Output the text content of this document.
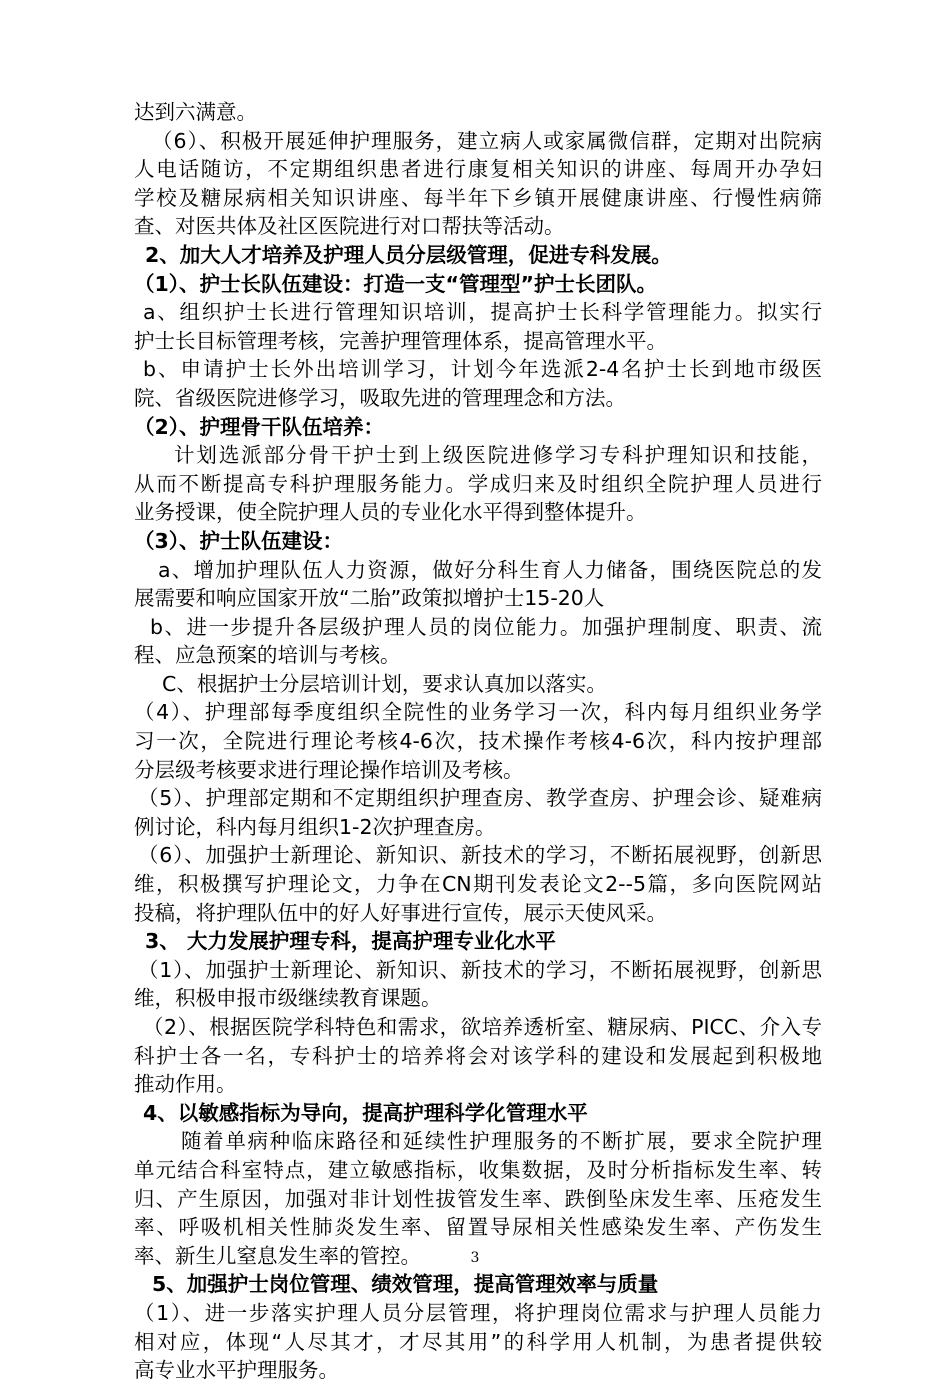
达到六满意。
（6）、积极开展延伸护理服务，建立病人或家属微信群，定期对出院病
人电话随访，不定期组织患者进行康复相关知识的讲座、每周开办孕妇
学校及糖尿病相关知识讲座、每半年下乡镇开展健康讲座、行慢性病筛
查、对医共体及社区医院进行对口帮扶等活动。
2、加大人才培养及护理人员分层级管理，促进专科发展。
（1）、护士长队伍建设：打造一支“管理型”护士长团队。
a、组织护士长进行管理知识培训，提高护士长科学管理能力。拟实行
护士长目标管理考核，完善护理管理体系，提高管理水平。
b、申请护士长外出培训学习，计划今年选派2-4名护士长到地市级医
院、省级医院进修学习，吸取先进的管理理念和方法。
（2）、护理骨干队伍培养：
计划选派部分骨干护士到上级医院进修学习专科护理知识和技能，
从而不断提高专科护理服务能力。学成归来及时组织全院护理人员进行
业务授课，使全院护理人员的专业化水平得到整体提升。
（3）、护士队伍建设：
a、增加护理队伍人力资源，做好分科生育人力储备，围绕医院总的发
展需要和响应国家开放“二胎”政策拟增护士15-20人
b、进一步提升各层级护理人员的岗位能力。加强护理制度、职责、流
程、应急预案的培训与考核。
C、根据护士分层培训计划，要求认真加以落实。
（4）、护理部每季度组织全院性的业务学习一次，科内每月组织业务学
习一次，全院进行理论考核4-6次，技术操作考核4-6次，科内按护理部
分层级考核要求进行理论操作培训及考核。
（5）、护理部定期和不定期组织护理查房、教学查房、护理会诊、疑难病
例讨论，科内每月组织1-2次护理查房。
（6）、加强护士新理论、新知识、新技术的学习，不断拓展视野，创新思
维，积极撰写护理论文，力争在CN期刊发表论文2--5篇，多向医院网站
投稿，将护理队伍中的好人好事进行宣传，展示天使风采。
3、 大力发展护理专科，提高护理专业化水平
（1）、加强护士新理论、新知识、新技术的学习，不断拓展视野，创新思
维，积极申报市级继续教育课题。
（2）、根据医院学科特色和需求，欲培养透析室、糖尿病、PICC、介入专
科护士各一名，专科护士的培养将会对该学科的建设和发展起到积极地
推动作用。
4、以敏感指标为导向，提高护理科学化管理水平
随着单病种临床路径和延续性护理服务的不断扩展，要求全院护理
单元结合科室特点，建立敏感指标，收集数据，及时分析指标发生率、转
归、产生原因，加强对非计划性拔管发生率、跌倒坠床发生率、压疮发生
率、呼吸机相关性肺炎发生率、留置导尿相关性感染发生率、产伤发生
率、新生儿窒息发生率的管控。
5、加强护士岗位管理、绩效管理，提高管理效率与质量
（1）、进一步落实护理人员分层管理，将护理岗位需求与护理人员能力
相对应，体现“人尽其才，才尽其用”的科学用人机制，为患者提供较
高专业水平护理服务。
3
